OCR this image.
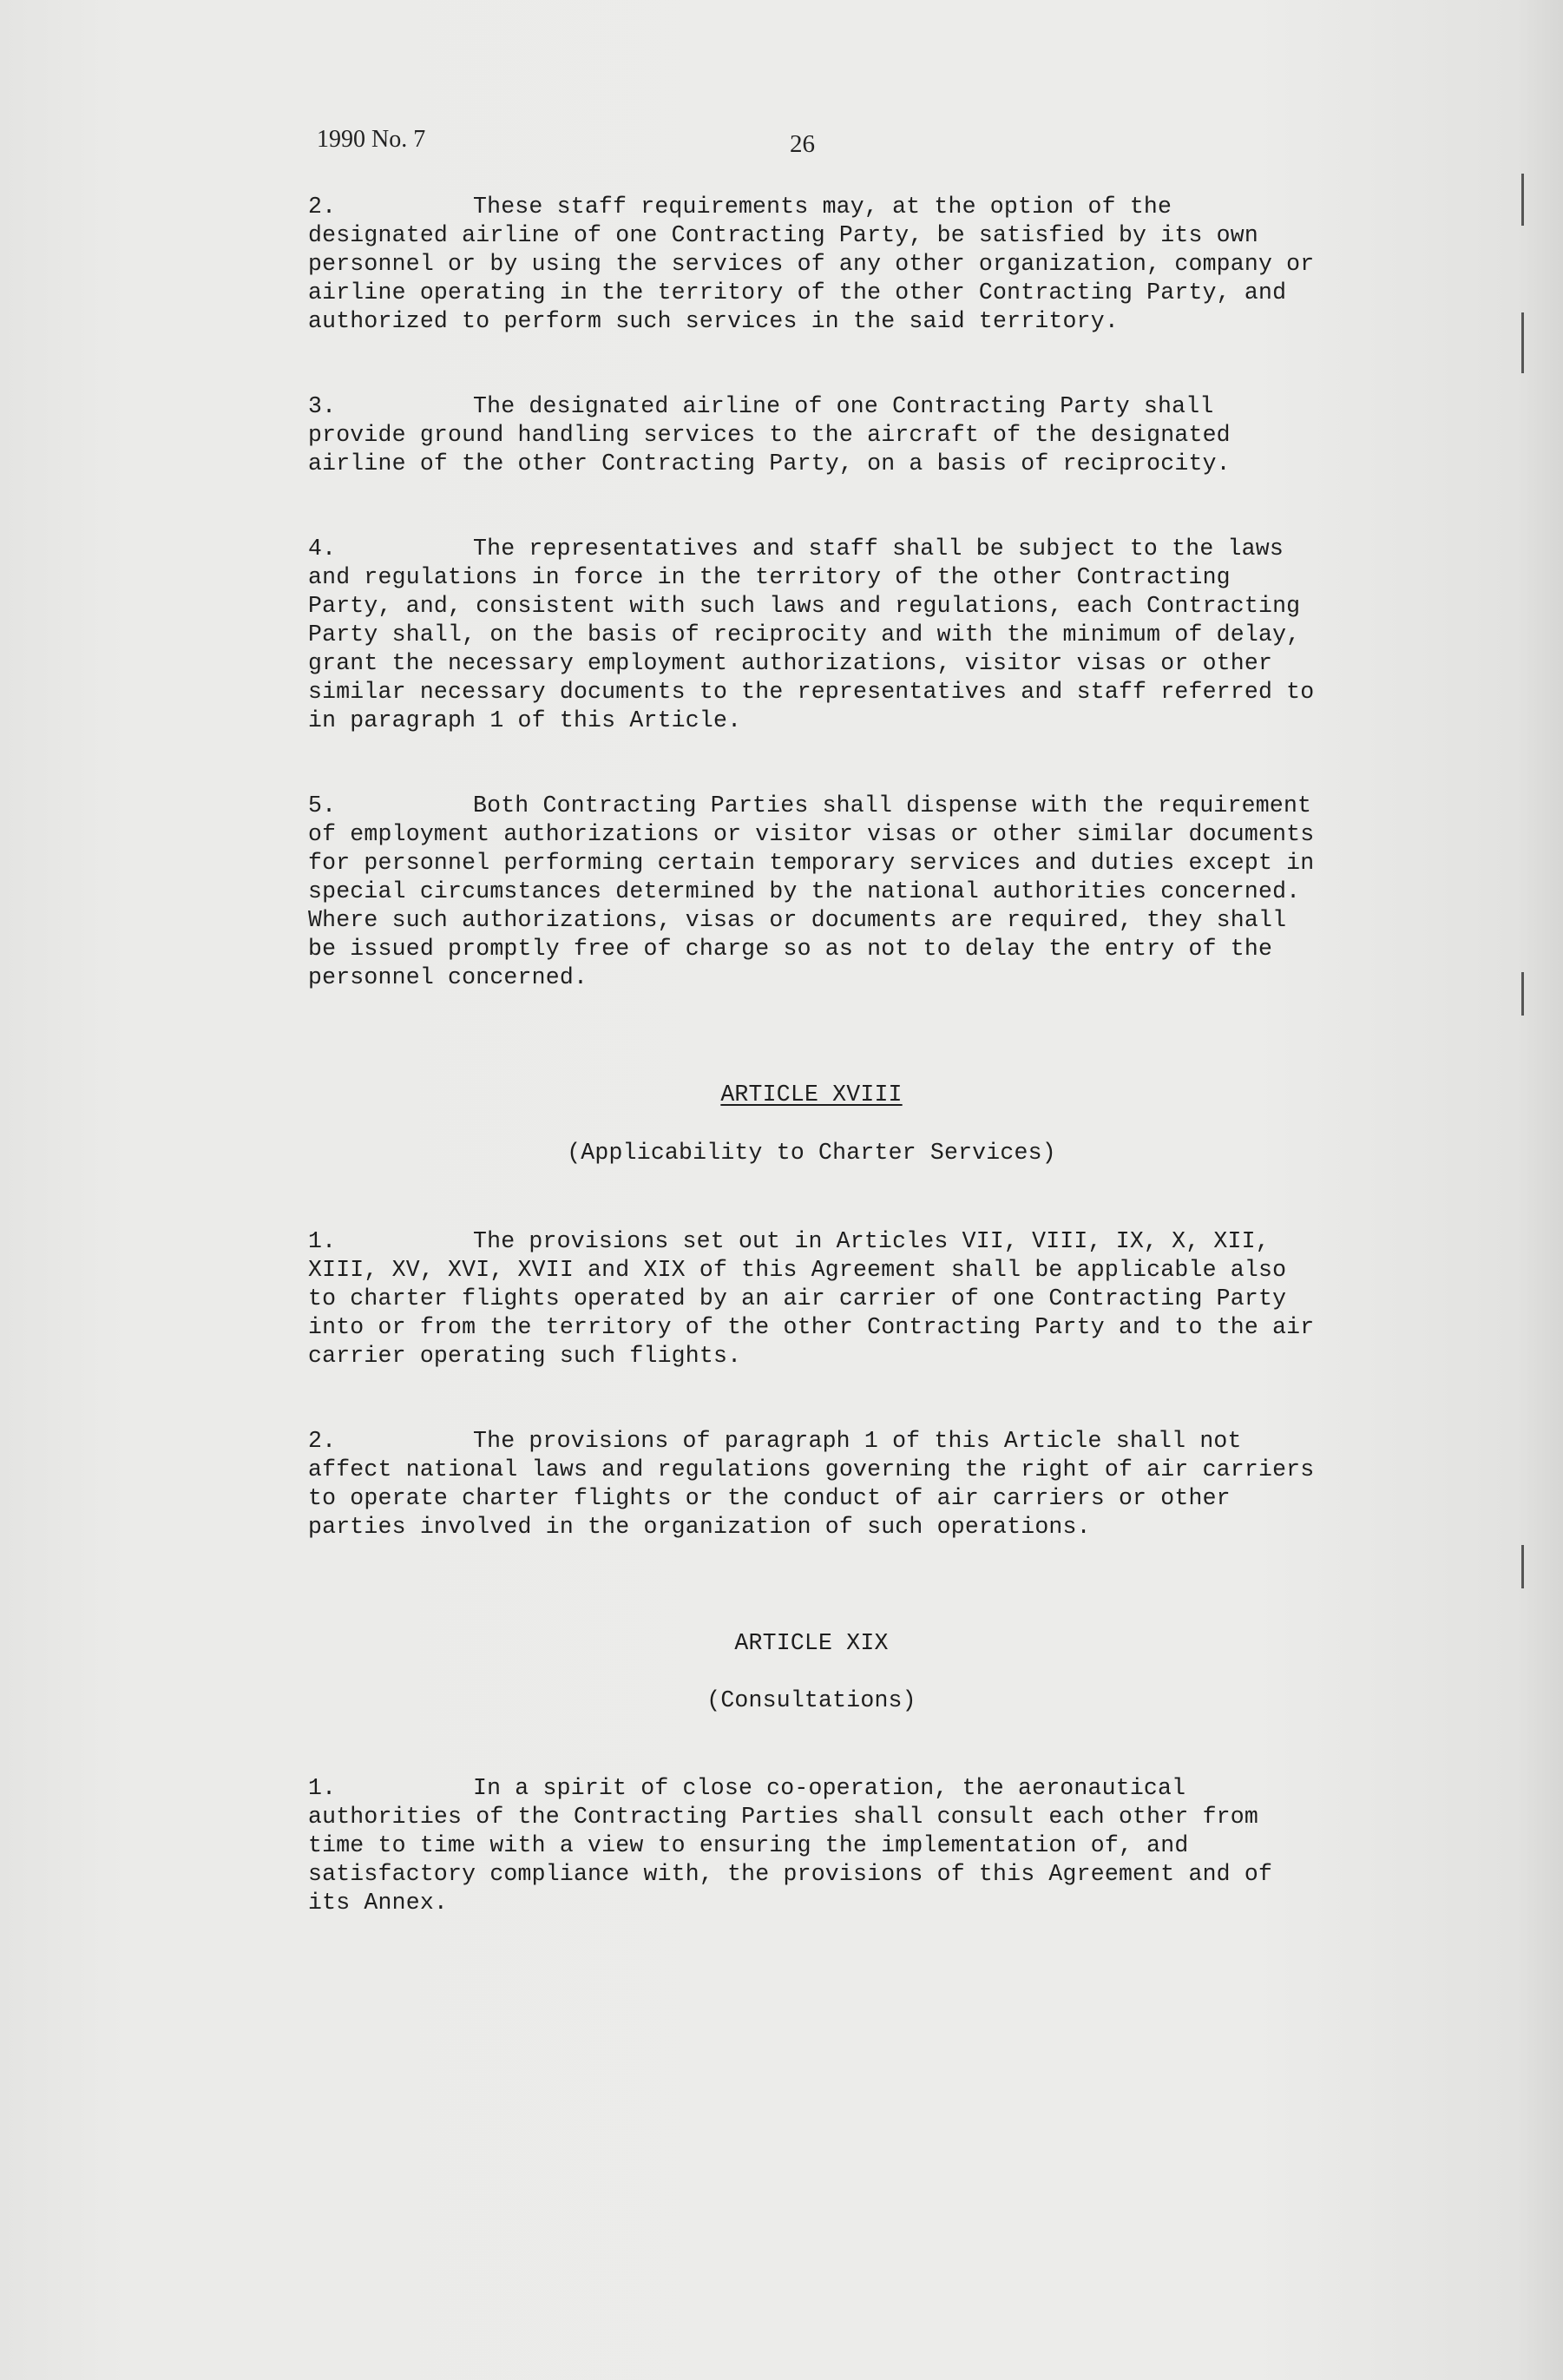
1990 No. 7	26
2.	These staff requirements may, at the option of the designated airline of one Contracting Party, be satisfied by its own personnel or by using the services of any other organization, company or airline operating in the territory of the other Contracting Party, and authorized to perform such services in the said territory.
3.	The designated airline of one Contracting Party shall provide ground handling services to the aircraft of the designated airline of the other Contracting Party, on a basis of reciprocity.
4.	The representatives and staff shall be subject to the laws and regulations in force in the territory of the other Contracting Party, and, consistent with such laws and regulations, each Contracting Party shall, on the basis of reciprocity and with the minimum of delay, grant the necessary employment authorizations, visitor visas or other similar necessary documents to the representatives and staff referred to in paragraph 1 of this Article.
5.	Both Contracting Parties shall dispense with the requirement of employment authorizations or visitor visas or other similar documents for personnel performing certain temporary services and duties except in special circumstances determined by the national authorities concerned. Where such authorizations, visas or documents are required, they shall be issued promptly free of charge so as not to delay the entry of the personnel concerned.
ARTICLE XVIII
(Applicability to Charter Services)
1.	The provisions set out in Articles VII, VIII, IX, X, XII, XIII, XV, XVI, XVII and XIX of this Agreement shall be applicable also to charter flights operated by an air carrier of one Contracting Party into or from the territory of the other Contracting Party and to the air carrier operating such flights.
2.	The provisions of paragraph 1 of this Article shall not affect national laws and regulations governing the right of air carriers to operate charter flights or the conduct of air carriers or other parties involved in the organization of such operations.
ARTICLE XIX
(Consultations)
1.	In a spirit of close co-operation, the aeronautical authorities of the Contracting Parties shall consult each other from time to time with a view to ensuring the implementation of, and satisfactory compliance with, the provisions of this Agreement and of its Annex.
